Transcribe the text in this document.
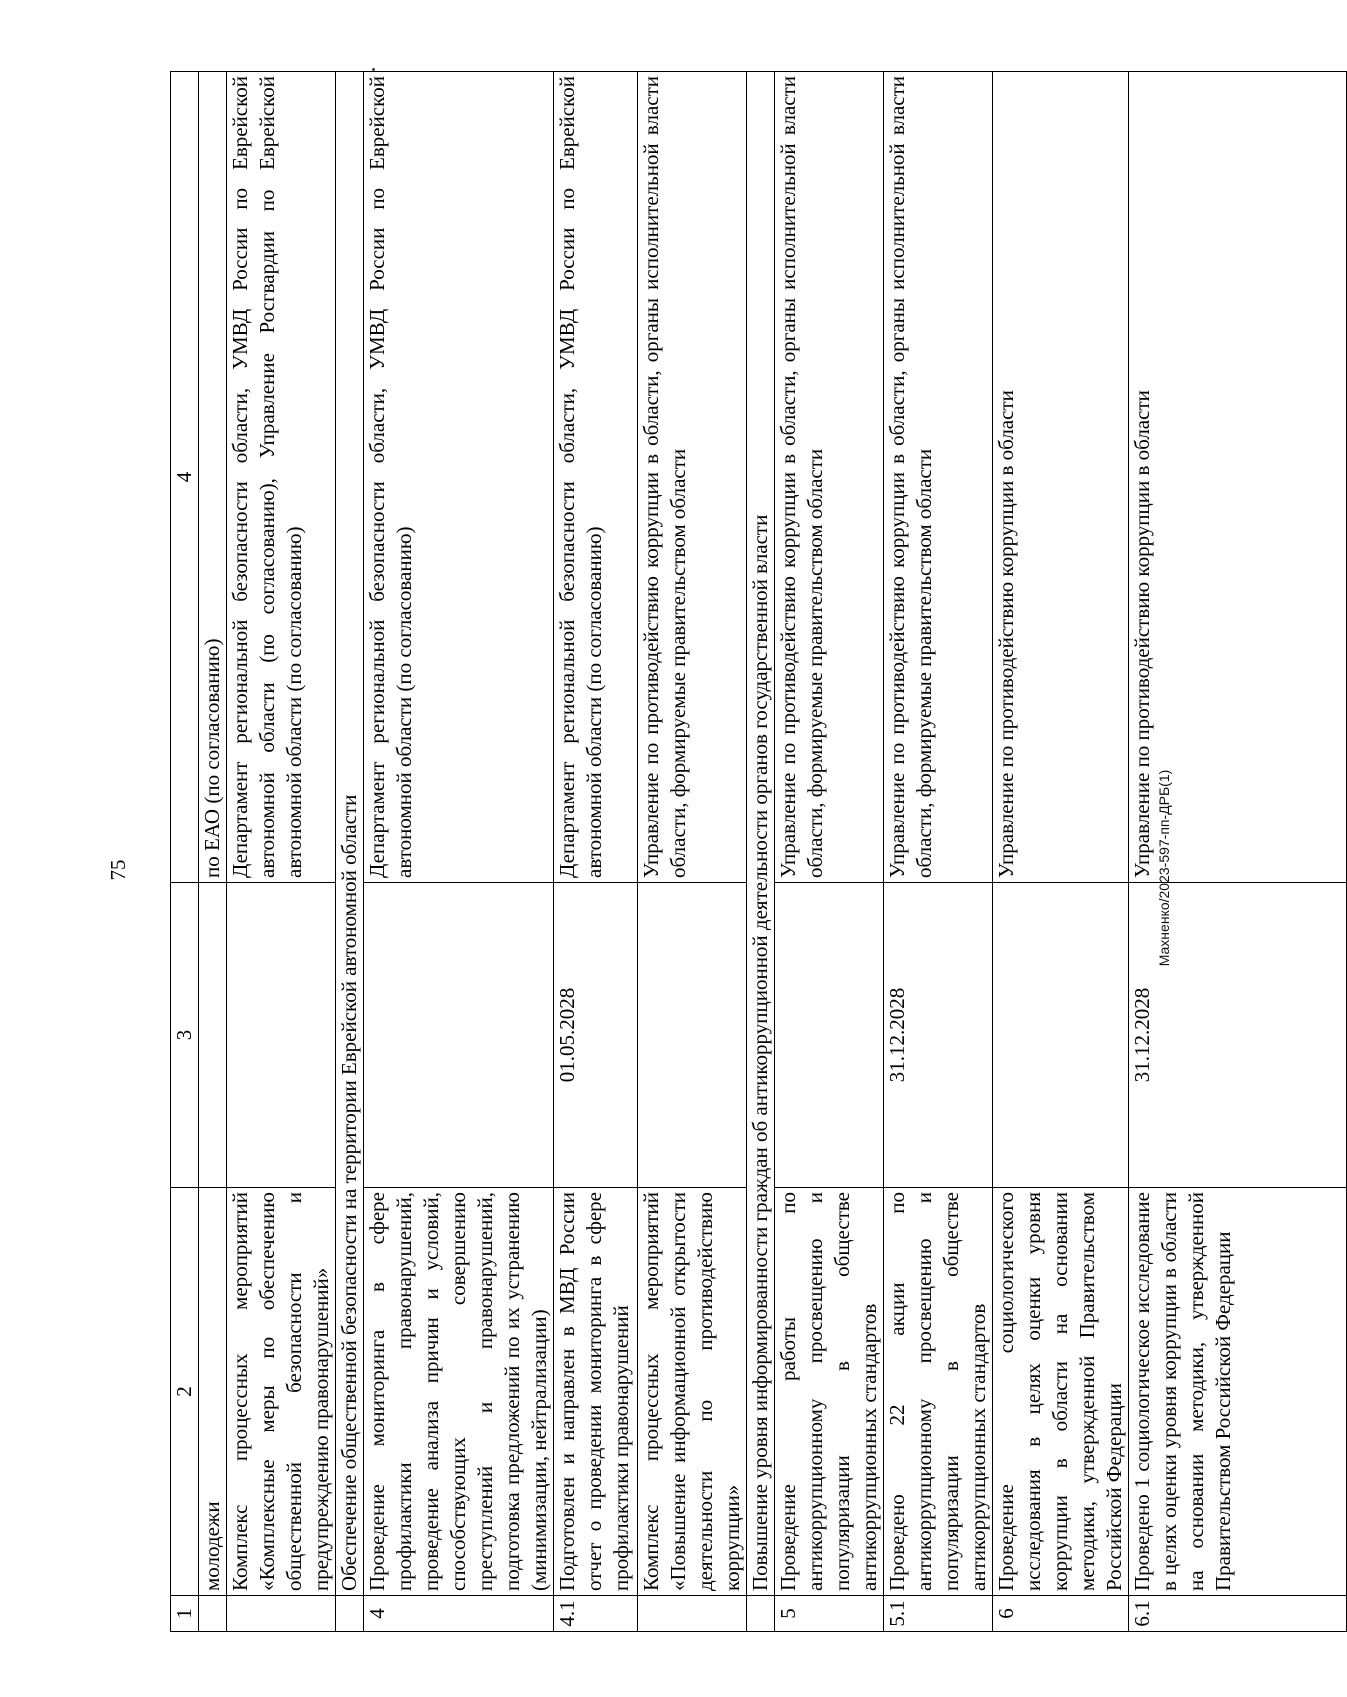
75	Махненко/2023-597-пп-ДРБ(1)
1	2	3	4
	молодежи		по ЕАО (по согласованию)
	Комплекс процессных мероприятий «Комплексные меры по обеспечению общественной безопасности и предупреждению правонарушений»		Департамент региональной безопасности области, УМВД России по Еврейской автономной области (по согласованию), Управление Росгвардии по Еврейской автономной области (по согласованию)
	Обеспечение общественной безопасности на территории Еврейской автономной области		
4	Проведение мониторинга в сфере профилактики правонарушений, проведение анализа причин и условий, способствующих совершению преступлений и правонарушений, подготовка предложений по их устранению (минимизации, нейтрализации)		Департамент региональной безопасности области, УМВД России по Еврейской автономной области (по согласованию)
4.1	Подготовлен и направлен в МВД России отчет о проведении мониторинга в сфере профилактики правонарушений	01.05.2028	Департамент региональной безопасности области, УМВД России по Еврейской автономной области (по согласованию)
	Комплекс процессных мероприятий «Повышение информационной открытости деятельности по противодействию коррупции»		Управление по противодействию коррупции в области, органы исполнительной власти области, формируемые правительством области
	Повышение уровня информированности граждан об антикоррупционной деятельности органов государственной власти		
5	Проведение работы по антикоррупционному просвещению и популяризации в обществе антикоррупционных стандартов		Управление по противодействию коррупции в области, органы исполнительной власти области, формируемые правительством области
5.1	Проведено 22 акции по антикоррупционному просвещению и популяризации в обществе антикоррупционных стандартов	31.12.2028	Управление по противодействию коррупции в области, органы исполнительной власти области, формируемые правительством области
6	Проведение социологического исследования в целях оценки уровня коррупции в области на основании методики, утвержденной Правительством Российской Федерации		Управление по противодействию коррупции в области
6.1	Проведено 1 социологическое исследование в целях оценки уровня коррупции в области на основании методики, утвержденной Правительством Российской Федерации	31.12.2028	Управление по противодействию коррупции в области
